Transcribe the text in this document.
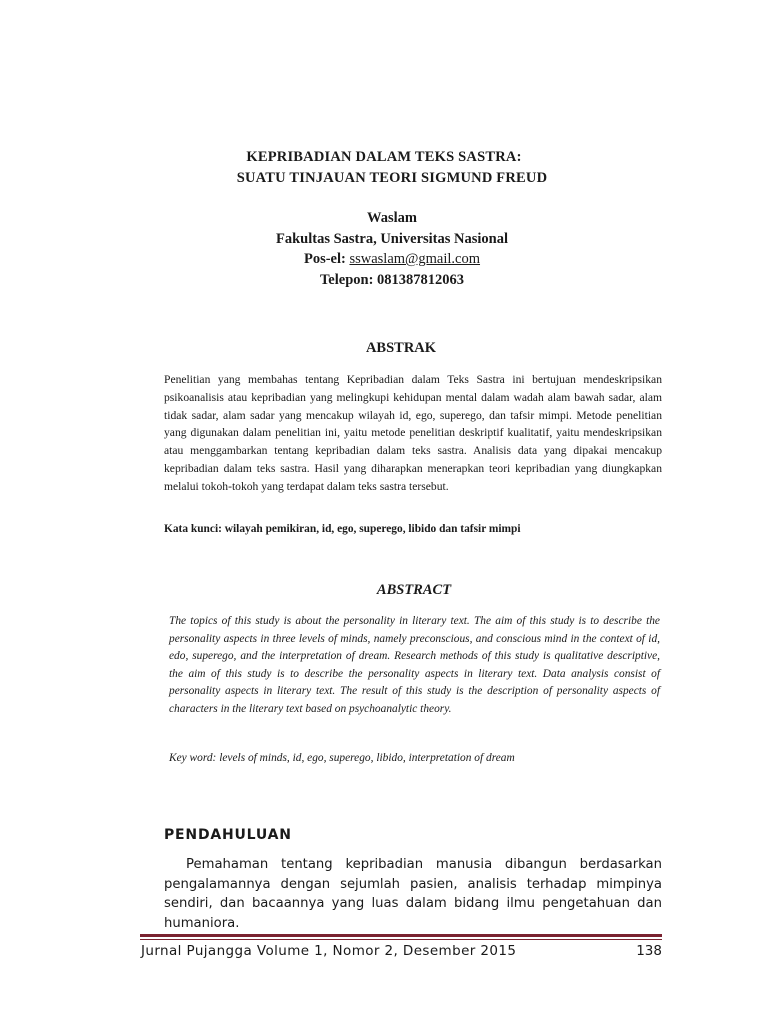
KEPRIBADIAN DALAM TEKS SASTRA:
SUATU TINJAUAN TEORI SIGMUND FREUD
Waslam
Fakultas Sastra, Universitas Nasional
Pos-el: sswaslam@gmail.com
Telepon: 081387812063
ABSTRAK
Penelitian yang membahas tentang Kepribadian dalam Teks Sastra ini bertujuan mendeskripsikan psikoanalisis atau kepribadian yang melingkupi kehidupan mental dalam wadah alam bawah sadar, alam tidak sadar, alam sadar yang mencakup wilayah id, ego, superego, dan tafsir mimpi. Metode penelitian yang digunakan dalam penelitian ini, yaitu metode penelitian deskriptif kualitatif, yaitu mendeskripsikan atau menggambarkan tentang kepribadian dalam teks sastra. Analisis data yang dipakai mencakup kepribadian dalam teks sastra. Hasil yang diharapkan menerapkan teori kepribadian yang diungkapkan melalui tokoh-tokoh yang terdapat dalam teks sastra tersebut.
Kata kunci: wilayah pemikiran, id, ego, superego, libido dan tafsir mimpi
ABSTRACT
The topics of this study is about the personality in literary text. The aim of this study is to describe the personality aspects in three levels of minds, namely preconscious, and conscious mind in the context of id, edo, superego, and the interpretation of dream. Research methods of this study is qualitative descriptive, the aim of this study is to describe the personality aspects in literary text. Data analysis consist of personality aspects in literary text. The result of this study is the description of personality aspects of characters in the literary text based on psychoanalytic theory.
Key word: levels of minds, id, ego, superego, libido, interpretation of dream
PENDAHULUAN
Pemahaman tentang kepribadian manusia dibangun berdasarkan pengalamannya dengan sejumlah pasien, analisis terhadap mimpinya sendiri, dan bacaannya yang luas dalam bidang ilmu pengetahuan dan humaniora.
Jurnal Pujangga Volume 1, Nomor 2, Desember 2015	138
